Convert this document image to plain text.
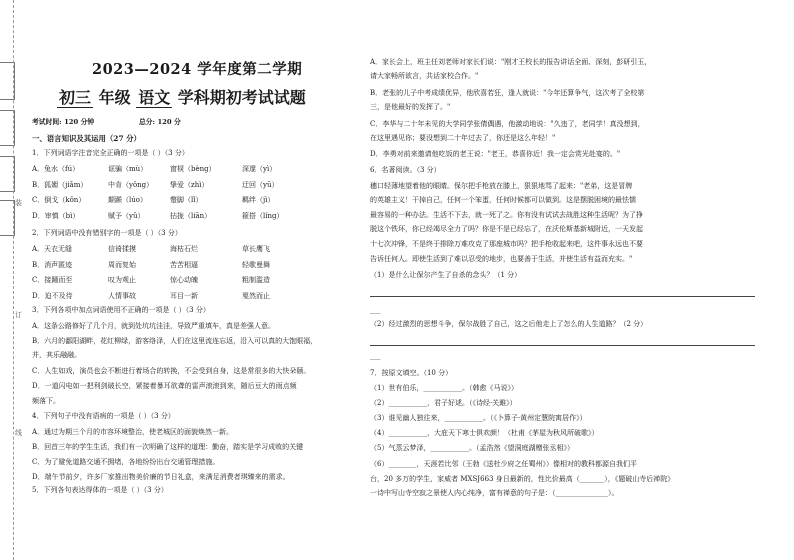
装
订
线
2023—2024 学年度第二学期
初三 年级 语文 学科期初考试试题
考试时间: 120 分钟	总分: 120 分
一、语言知识及其运用（27 分）
1．下列词语字注音完全正确的一项是（ ）（3 分）
A．兔水（fú）	诓骗（mù）	窗棂（bèng）	深邃（yì）
B．狐媚（jiǎm）	中肯（yǒng） 挚爱（zhì）	迂回（yū）
C．倒戈（kǒn）	颠踬（lúo）	蹩脚（lǐ）	羁绊（jì）
D．审慎（bì）	赋予（yǔ）	拈拢（liān）	箍搭（líng）
2．下列词语中没有错别字的一项是（ ）（3 分）
A．天衣无缝	信徛揉摸	海枯石烂	草长鹰飞
B．消声匿迹	周而复始	苦苦相逼	轻歌曼舞
C．接踵而至	叹为观止	惊心动魄	粗制滥造
D．迫不及待	人情事故	耳目一新	戛然而止
3．下列各项中加点词语使用不正确的一项是（ ）（3 分）
A．这条公路修好了几个月，就到处坑坑洼洼，导致严重填车，真是差强人意。
B．六月的鄱阳湖畔，花红柳绿，游客络泽，人们在这里流连忘返，沿入可以真的大饱眼福，
并，其乐融融。
C．人生如戏，演员也会不断进行着场合的转换，不会受到自身，这是常很多的大快朵颐。
D．一道闪电如一把利剑破长空，紧接着暴耳欲聋的雷声滚滚到来，随后豆大的雨点频
频落下。
4．下列句子中没有语病的一项是（ ）（3 分）
A．通过为期三个月的市容环境整治，使老城区的面貌焕然一新。
B．回首三年的学生生活，我们有一次明确了这样的道理：勤奋，踏实是学习成败的关键
C．为了避免道路交通不拥堵，各地纷纷出台交通管理措施。
D．端午节前夕，许多厂家推出物美价廉的节日礼盒，来满足消费者琪臻来的需求。
5．下列各句表达得体的一项是（ ）（3 分）
A．家长会上，班主任刘老师对家长们说："刚才王校长的报告讲话全面、深刻，彭研引玉，
请大家畅所欲言，共话家校合作。"
B．老张的儿子中考成绩优异，他欣喜若狂，逢人就说："今年还算争气，这次考了全校第
三，是他最好的发挥了。"
C．李华与二十年未见的大学同学张倩偶遇，他激动地说："久违了，老同学！真没想到，
在这里遇见你；要没想到二十年过去了，你还是这么年轻！"
D．李勇对前来邀请他吃饭的老王说："老王，恭喜你近！我一定会赏光赴宴的。"
6．名著阅读。（3 分）
穗口轻薄地望着他的眼睛。保尔把手枪放在膝上，狠狠地骂了起来："老弟，这是冒牌
的英雄主义！干掉自己，任何一个笨蛋，任何时候都可以做到。这是摆脱困境的最怯懦
最容易的一种办法。生活不下去，就一死了之。你有没有试试去战胜这种生活呢？为了挣
脱这个铁环，你已经竭尽全力了吗？你是不是已经忘了，在沃伦斯基新城附近，一天发起
十七次冲锋，不是终于排除万难攻克了那座城市吗？把手枪收起来吧，这件事永远也不要
告诉任何人。即使生活到了难以忍受的地步，也要善于生活，并使生活有益而充实。"
（1）是什么让保尔产生了自杀的念头？（1 分）
___
（2）经过激烈的思想斗争，保尔战胜了自己，这之后他走上了怎么的人生道路？（2 分）
___
7．按原文填空。（10 分）
（1）世有伯乐，___________。（韩愈《马说》）
（2）___________，君子好逑。（《诗经·关雎》）
（3）谁见幽人独往来，___________。（《卜算子·黄州定慧院寓居作》）
（4）___________，大庇天下寒士俱欢颜！（杜甫《茅屋为秋风所破歌》）
（5）气蒸云梦泽，___________。（孟浩然《望洞庭湖赠张丞相》）
（6）________，天涯若比邻（王勃《送杜少府之任蜀州》）像相对的教科都源自我们平
台，20 多万的学生，家威者 MXSJ663 身日最新的，性比价最高（_______），《题破山寺后禅院》
一诗中写山寺空寂之景使人内心纯净，富有禅意的句子是：（_______________）。
